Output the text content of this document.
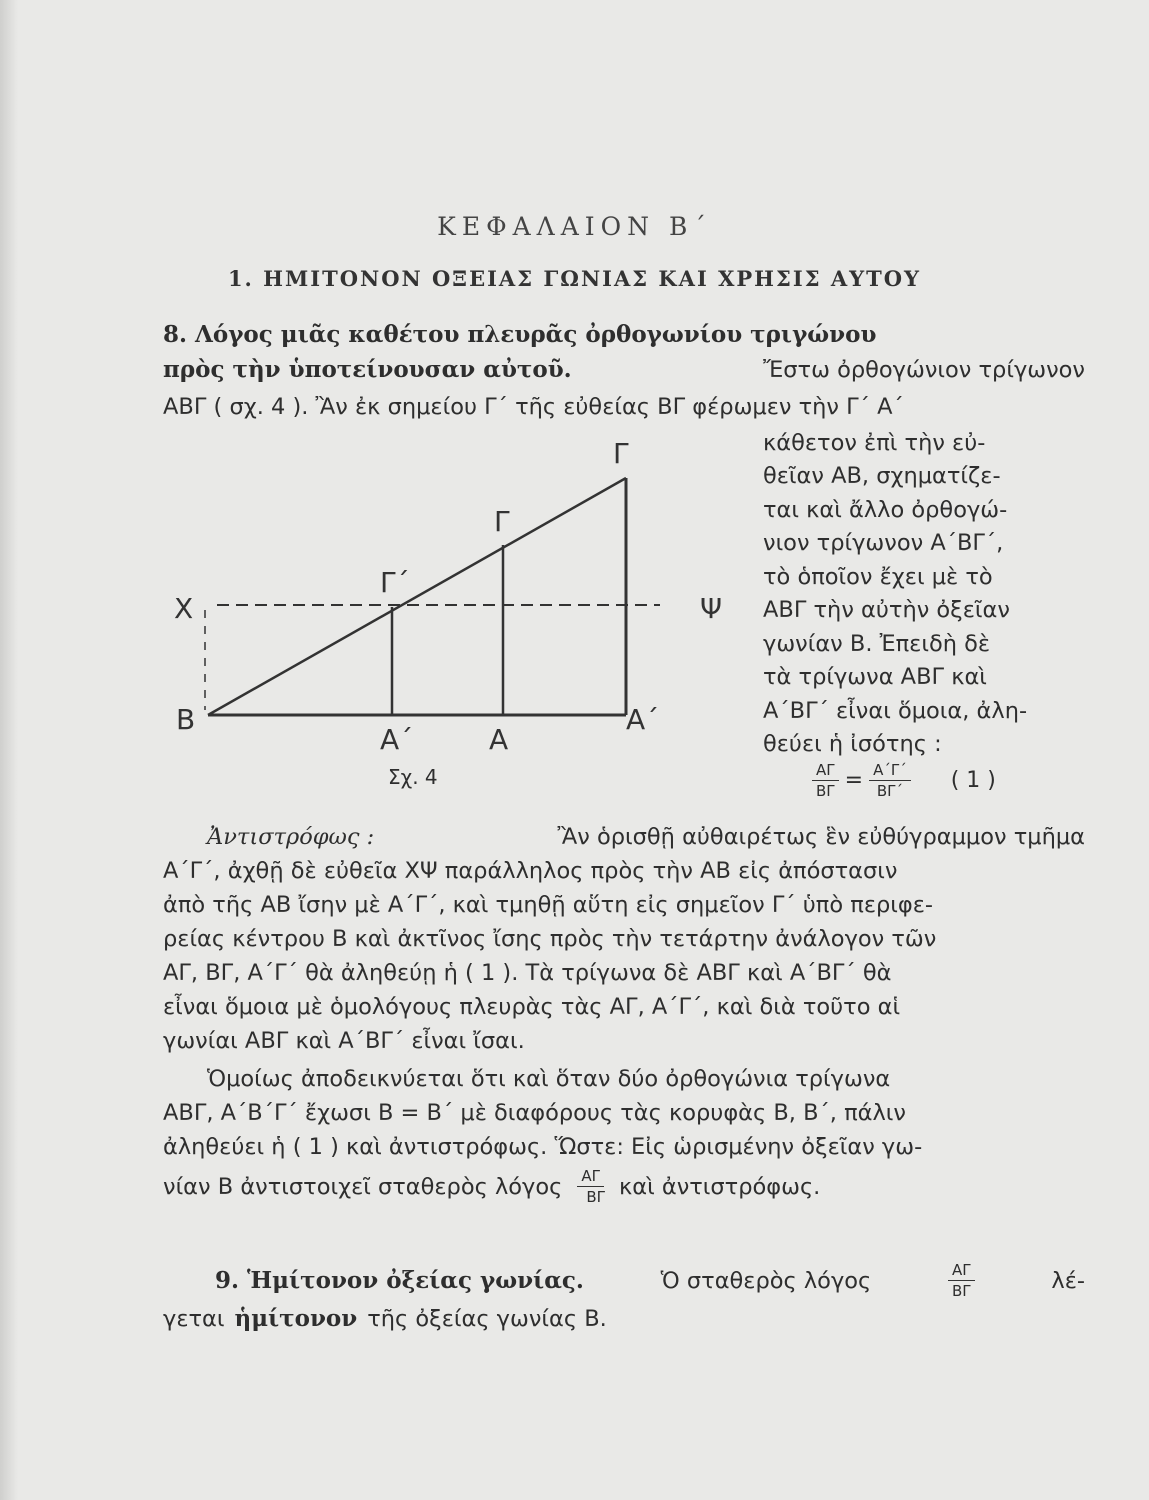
ΚΕΦΑΛΑΙΟΝ Β΄
1. ΗΜΙΤΟΝΟΝ ΟΞΕΙΑΣ ΓΩΝΙΑΣ ΚΑΙ ΧΡΗΣΙΣ ΑΥΤΟΥ
8. Λόγος μιᾶς καθέτου πλευρᾶς ὀρθογωνίου τριγώνου
πρὸς τὴν ὑποτείνουσαν αὐτοῦ.	Ἔστω ὀρθογώνιον τρίγωνον
ΑΒΓ ( σχ. 4 ). Ἂν ἐκ σημείου Γ΄ τῆς εὐθείας ΒΓ φέρωμεν τὴν Γ΄ Α΄
κάθετον ἐπὶ τὴν εὐ-
θεῖαν ΑΒ, σχηματίζε-
ται καὶ ἄλλο ὀρθογώ-
νιον τρίγωνον Α΄ΒΓ΄,
τὸ ὁποῖον ἔχει μὲ τὸ
ΑΒΓ τὴν αὐτὴν ὀξεῖαν
γωνίαν Β. Ἐπειδὴ δὲ
τὰ τρίγωνα ΑΒΓ καὶ
Α΄ΒΓ΄ εἶναι ὅμοια, ἀλη-
θεύει ἡ ἰσότης :
$\frac{A\Gamma}{B\Gamma} = \frac{A΄\Gamma΄}{B\Gamma΄}$ ( 1 )
Χ	Ψ
Β
Α΄	Α
Α΄
Γ
Γ
Γ΄
Σχ. 4
Ἀντιστρόφως :	Ἂν ὁρισθῇ αὐθαιρέτως ἓν εὐθύγραμμον τμῆμα
Α΄Γ΄, ἀχθῇ δὲ εὐθεῖα ΧΨ παράλληλος πρὸς τὴν ΑΒ εἰς ἀπόστασιν
ἀπὸ τῆς ΑΒ ἴσην μὲ Α΄Γ΄, καὶ τμηθῇ αὕτη εἰς σημεῖον Γ΄ ὑπὸ περιφε-
ρείας κέντρου Β καὶ ἀκτῖνος ἴσης πρὸς τὴν τετάρτην ἀνάλογον τῶν
ΑΓ, ΒΓ, Α΄Γ΄ θὰ ἀληθεύῃ ἡ ( 1 ). Τὰ τρίγωνα δὲ ΑΒΓ καὶ Α΄ΒΓ΄ θὰ
εἶναι ὅμοια μὲ ὁμολόγους πλευρὰς τὰς ΑΓ, Α΄Γ΄, καὶ διὰ τοῦτο αἱ
γωνίαι ΑΒΓ καὶ Α΄ΒΓ΄ εἶναι ἴσαι.
Ὁμοίως ἀποδεικνύεται ὅτι καὶ ὅταν δύο ὀρθογώνια τρίγωνα
ΑΒΓ, Α΄Β΄Γ΄ ἔχωσι Β = Β΄ μὲ διαφόρους τὰς κορυφὰς Β, Β΄, πάλιν
ἀληθεύει ἡ ( 1 ) καὶ ἀντιστρόφως. Ὥστε: Εἰς ὡρισμένην ὀξεῖαν γω-
νίαν Β ἀντιστοιχεῖ σταθερὸς λόγος $\frac{A\Gamma}{B\Gamma}$ καὶ ἀντιστρόφως.
9. Ἡμίτονον ὀξείας γωνίας.	Ὁ σταθερὸς λόγος	$\frac{A\Gamma}{B\Gamma}$	λέ-
γεται ἡμίτονον τῆς ὀξείας γωνίας Β.
